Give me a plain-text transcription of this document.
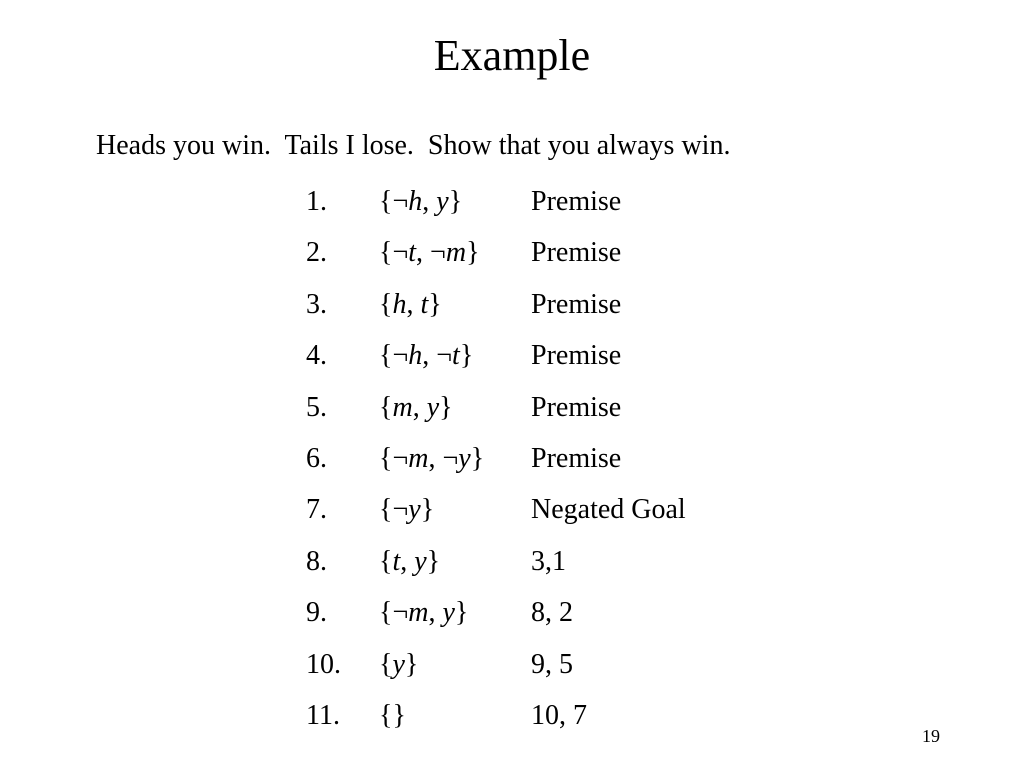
Example
Heads you win.  Tails I lose.  Show that you always win.
1. {¬h, y} Premise
2. {¬t, ¬m} Premise
3. {h, t}	Premise
4. {¬h, ¬t} Premise
5. {m, y}	Premise
6. {¬m, ¬y} Premise
7. {¬y}	Negated Goal
8. {t, y}	3,1
9. {¬m, y} 8, 2
10. {y}	9, 5
11. {}	10, 7
19
